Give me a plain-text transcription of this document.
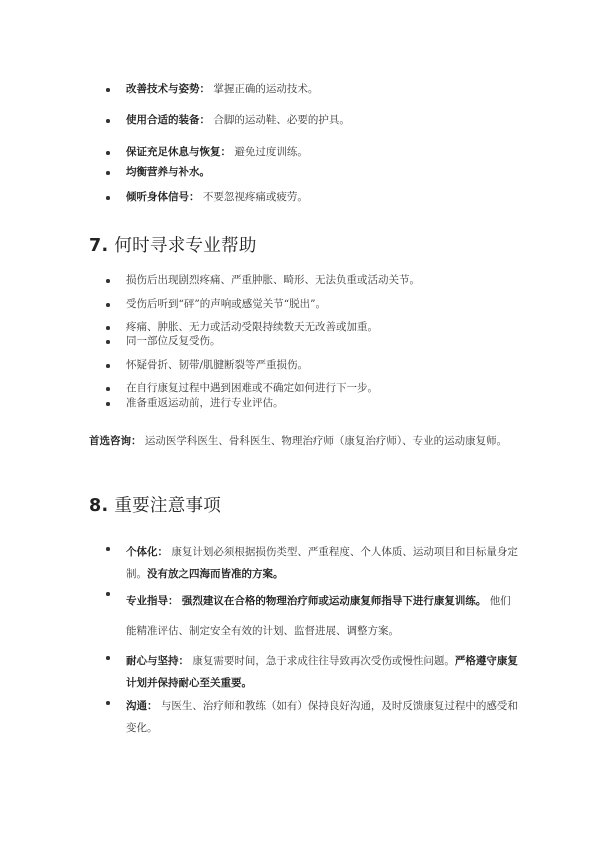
改善技术与姿势： 掌握正确的运动技术。
使用合适的装备： 合脚的运动鞋、必要的护具。
保证充足休息与恢复： 避免过度训练。
均衡营养与补水。
倾听身体信号： 不要忽视疼痛或疲劳。
7. 何时寻求专业帮助
损伤后出现剧烈疼痛、严重肿胀、畸形、无法负重或活动关节。
受伤后听到“砰”的声响或感觉关节“脱出”。
疼痛、肿胀、无力或活动受限持续数天无改善或加重。
同一部位反复受伤。
怀疑骨折、韧带/肌腱断裂等严重损伤。
在自行康复过程中遇到困难或不确定如何进行下一步。
准备重返运动前，进行专业评估。

首选咨询： 运动医学科医生、骨科医生、物理治疗师（康复治疗师）、专业的运动康复师。

8. 重要注意事项
个体化： 康复计划必须根据损伤类型、严重程度、个人体质、运动项目和目标量身定制。没有放之四海而皆准的方案。
专业指导： 强烈建议在合格的物理治疗师或运动康复师指导下进行康复训练。 他们能精准评估、制定安全有效的计划、监督进展、调整方案。
耐心与坚持： 康复需要时间，急于求成往往导致再次受伤或慢性问题。严格遵守康复计划并保持耐心至关重要。
沟通： 与医生、治疗师和教练（如有）保持良好沟通，及时反馈康复过程中的感受和变化。
